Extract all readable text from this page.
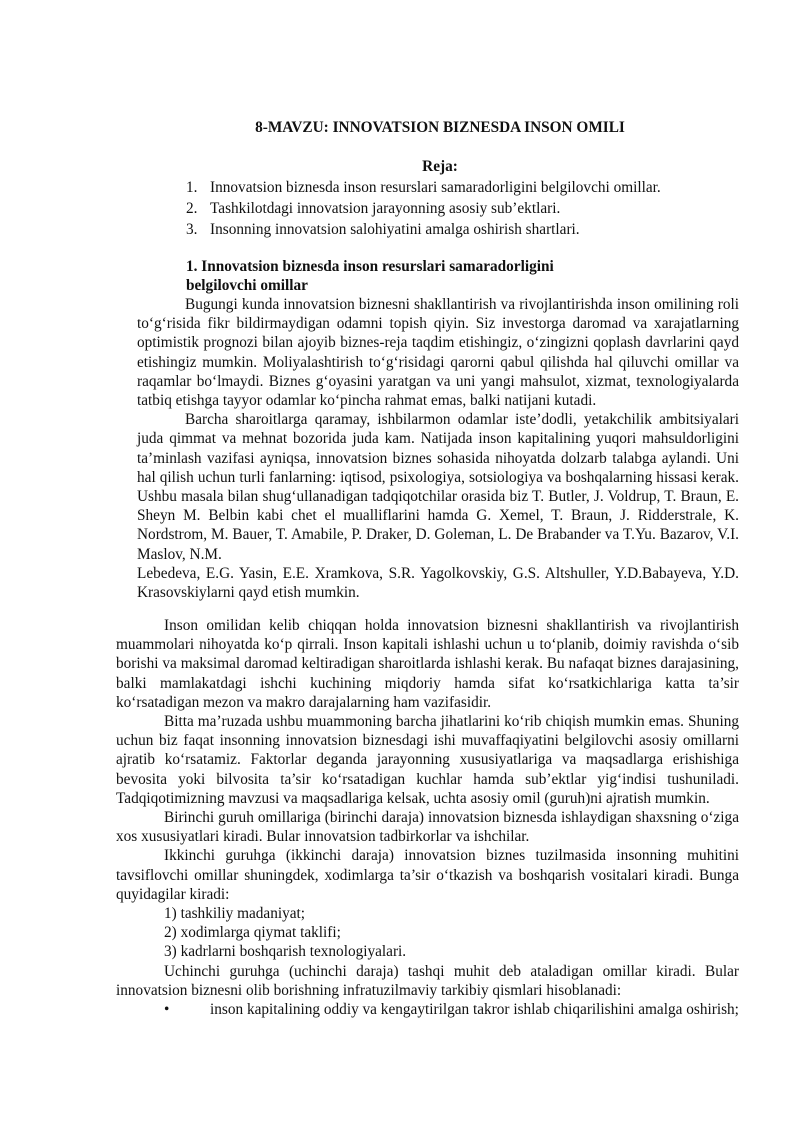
8-MAVZU: INNOVATSION BIZNESDA INSON OMILI
Reja:
1. Innovatsion biznesda inson resurslari samaradorligini belgilovchi omillar.
2. Tashkilotdagi innovatsion jarayonning asosiy sub’ektlari.
3. Insonning innovatsion salohiyatini amalga oshirish shartlari.
1. Innovatsion biznesda inson resurslari samaradorligini
belgilovchi omillar

Bugungi kunda innovatsion biznesni shakllantirish va rivojlantirishda inson omilining roli to‘g‘risida fikr bildirmaydigan odamni topish qiyin. Siz investorga daromad va xarajatlarning optimistik prognozi bilan ajoyib biznes-reja taqdim etishingiz, o‘zingizni qoplash davrlarini qayd etishingiz mumkin. Moliyalashtirish to‘g‘risidagi qarorni qabul qilishda hal qiluvchi omillar va raqamlar bo‘lmaydi. Biznes g‘oyasini yaratgan va uni yangi mahsulot, xizmat, texnologiyalarda tatbiq etishga tayyor odamlar ko‘pincha rahmat emas, balki natijani kutadi.

Barcha sharoitlarga qaramay, ishbilarmon odamlar iste’dodli, yetakchilik ambitsiyalari juda qimmat va mehnat bozorida juda kam. Natijada inson kapitalining yuqori mahsuldorligini ta’minlash vazifasi ayniqsa, innovatsion biznes sohasida nihoyatda dolzarb talabga aylandi. Uni hal qilish uchun turli fanlarning: iqtisod, psixologiya, sotsiologiya va boshqalarning hissasi kerak. Ushbu masala bilan shug‘ullanadigan tadqiqotchilar orasida biz T. Butler, J. Voldrup, T. Braun, E. Sheyn M. Belbin kabi chet el mualliflarini hamda G. Xemel, T. Braun, J. Ridderstrale, K. Nordstrom, M. Bauer, T. Amabile, P. Draker, D. Goleman, L. De Brabander va T.Yu. Bazarov, V.I. Maslov, N.M.

Lebedeva, E.G. Yasin, E.E. Xramkova, S.R. Yagolkovskiy, G.S. Altshuller, Y.D.Babayeva, Y.D. Krasovskiylarni qayd etish mumkin.

Inson omilidan kelib chiqqan holda innovatsion biznesni shakllantirish va rivojlantirish muammolari nihoyatda ko‘p qirrali. Inson kapitali ishlashi uchun u to‘planib, doimiy ravishda o‘sib borishi va maksimal daromad keltiradigan sharoitlarda ishlashi kerak. Bu nafaqat biznes darajasining, balki mamlakatdagi ishchi kuchining miqdoriy hamda sifat ko‘rsatkichlariga katta ta’sir ko‘rsatadigan mezon va makro darajalarning ham vazifasidir.

Bitta ma’ruzada ushbu muammoning barcha jihatlarini ko‘rib chiqish mumkin emas. Shuning uchun biz faqat insonning innovatsion biznesdagi ishi muvaffaqiyatini belgilovchi asosiy omillarni ajratib ko‘rsatamiz. Faktorlar deganda jarayonning xususiyatlariga va maqsadlarga erishishiga bevosita yoki bilvosita ta’sir ko‘rsatadigan kuchlar hamda sub’ektlar yig‘indisi tushuniladi. Tadqiqotimizning mavzusi va maqsadlariga kelsak, uchta asosiy omil (guruh)ni ajratish mumkin.

Birinchi guruh omillariga (birinchi daraja) innovatsion biznesda ishlaydigan shaxsning o‘ziga xos xususiyatlari kiradi. Bular innovatsion tadbirkorlar va ishchilar.

Ikkinchi guruhga (ikkinchi daraja) innovatsion biznes tuzilmasida insonning muhitini tavsiflovchi omillar shuningdek, xodimlarga ta’sir o‘tkazish va boshqarish vositalari kiradi. Bunga quyidagilar kiradi:

1) tashkiliy madaniyat;

2) xodimlarga qiymat taklifi;

3) kadrlarni boshqarish texnologiyalari.

Uchinchi guruhga (uchinchi daraja) tashqi muhit deb ataladigan omillar kiradi. Bular innovatsion biznesni olib borishning infratuzilmaviy tarkibiy qismlari hisoblanadi:

•	inson kapitalining oddiy va kengaytirilgan takror ishlab chiqarilishini amalga oshirish;
